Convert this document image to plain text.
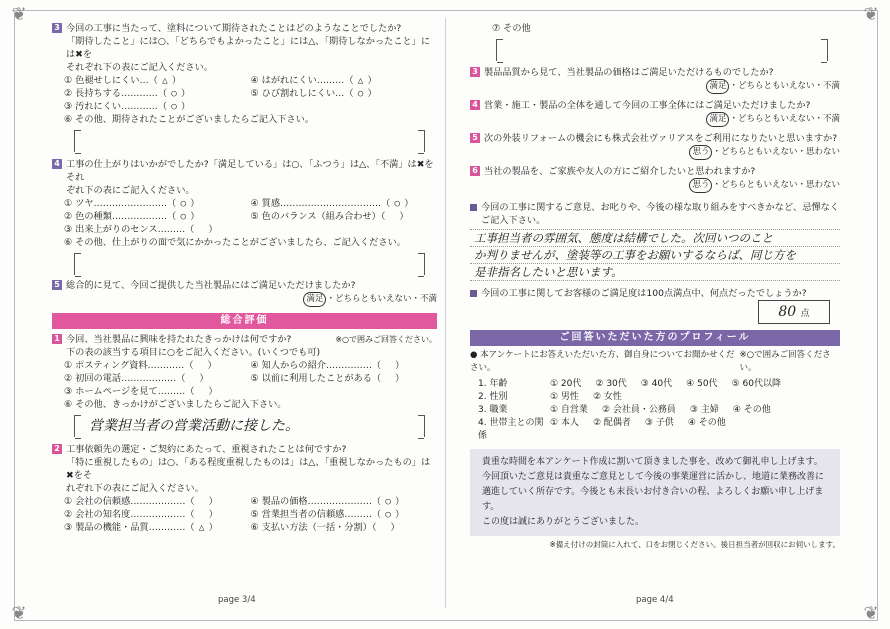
❦	❦
❦	❦
3 今回の工事に当たって、塗料について期待されたことはどのようなことでしたか?
「期待したこと」には○、「どちらでもよかったこと」には△、「期待しなかったこと」には✖を
それぞれ下の表にご記入ください。
① 色褪せしにくい…（ △ ）	④ はがれにくい………（ △ ）
② 長持ちする…………（ ○ ）	⑤ ひび割れしにくい…（ ○ ）
③ 汚れにくい…………（ ○ ）
⑥ その他、期待されたことがございましたらご記入下さい。
4 工事の仕上がりはいかがでしたか?「満足している」は○、「ふつう」は△、「不満」は✖をそれ
ぞれ下の表にご記入ください。
① ツヤ……………………（ ○ ）	④ 質感……………………………（ ○ ）
② 色の種類………………（ ○ ）	⑤ 色のバランス（組み合わせ）（ ）
③ 出来上がりのセンス………（ ）
⑥ その他、仕上がりの面で気にかかったことがございましたら、ご記入ください。
5 総合的に見て、今回ご提供した当社製品にはご満足いただけましたか?
満足 ・どちらともいえない・不満
総合評価
1 今回、当社製品に興味を持たれたきっかけは何ですか?	※○で囲みご回答ください。
下の表の該当する項目に○をご記入ください。(いくつでも可)
① ポスティング資料…………（ ）	④ 知人からの紹介……………（ ）
② 初回の電話………………（ ）	⑤ 以前に利用したことがある（ ）
③ ホームページを見て………（ ）
⑥ その他、きっかけがございましたらご記入下さい。
営業担当者の営業活動に接した。
2 工事依頼先の選定・ご契約にあたって、重視されたことは何ですか?
「特に重視したもの」は○、「ある程度重視したものは」は△、「重視しなかったもの」は✖をそ
れぞれ下の表にご記入ください。
① 会社の信頼感………………（ ）	④ 製品の価格…………………（ ○ ）
② 会社の知名度………………（ ）	⑤ 営業担当者の信頼感………（ ○ ）
③ 製品の機能・品質…………（ △ ）	⑥ 支払い方法（一括・分割）（ ）
page 3/4
⑦ その他
3 製品品質から見て、当社製品の価格はご満足いただけるものでしたか?
満足 ・どちらともいえない・不満
4 営業・施工・製品の全体を通して今回の工事全体にはご満足いただけましたか?
満足 ・どちらともいえない・不満
5 次の外装リフォームの機会にも株式会社ヴァリアスをご利用になりたいと思いますか?
思う ・どちらともいえない・思わない
6 当社の製品を、ご家族や友人の方にご紹介したいと思われますか?
思う ・どちらともいえない・思わない
今回の工事に関するご意見、お叱りや、今後の様な取り組みをすべきかなど、忌憚なく
ご記入下さい。
工事担当者の雰囲気、態度は結構でした。次回いつのこと
か判りませんが、塗装等の工事をお願いするならば、同じ方を
是非指名したいと思います。
今回の工事に関してお客様のご満足度は100点満点中、何点だったでしょうか?
80 点
ご回答いただいた方のプロフィール
● 本アンケートにお答えいただいた方、御自身についてお聞かせください。
※○で囲みご回答ください。
1. 年齢	① 20代 ② 30代 ③ 40代 ④ 50代 ⑤ 60代以降
2. 性別	① 男性 ② 女性
3. 職業	① 自営業 ② 会社員・公務員 ③ 主婦 ④ その他
4. 世帯主との関係
① 本人 ② 配偶者 ③ 子供 ④ その他
貴重な時間を本アンケート作成に割いて頂きました事を、改めて御礼申し上げます。
今回頂いたご意見は貴重なご意見として今後の事業運営に活かし、地道に業務改善に
邁進していく所存です。今後とも末長いお付き合いの程、よろしくお願い申し上げます。
この度は誠にありがとうございました。
※備え付けの封筒に入れて、口をお閉じください。後日担当者が回収にお伺いします。
page 4/4
